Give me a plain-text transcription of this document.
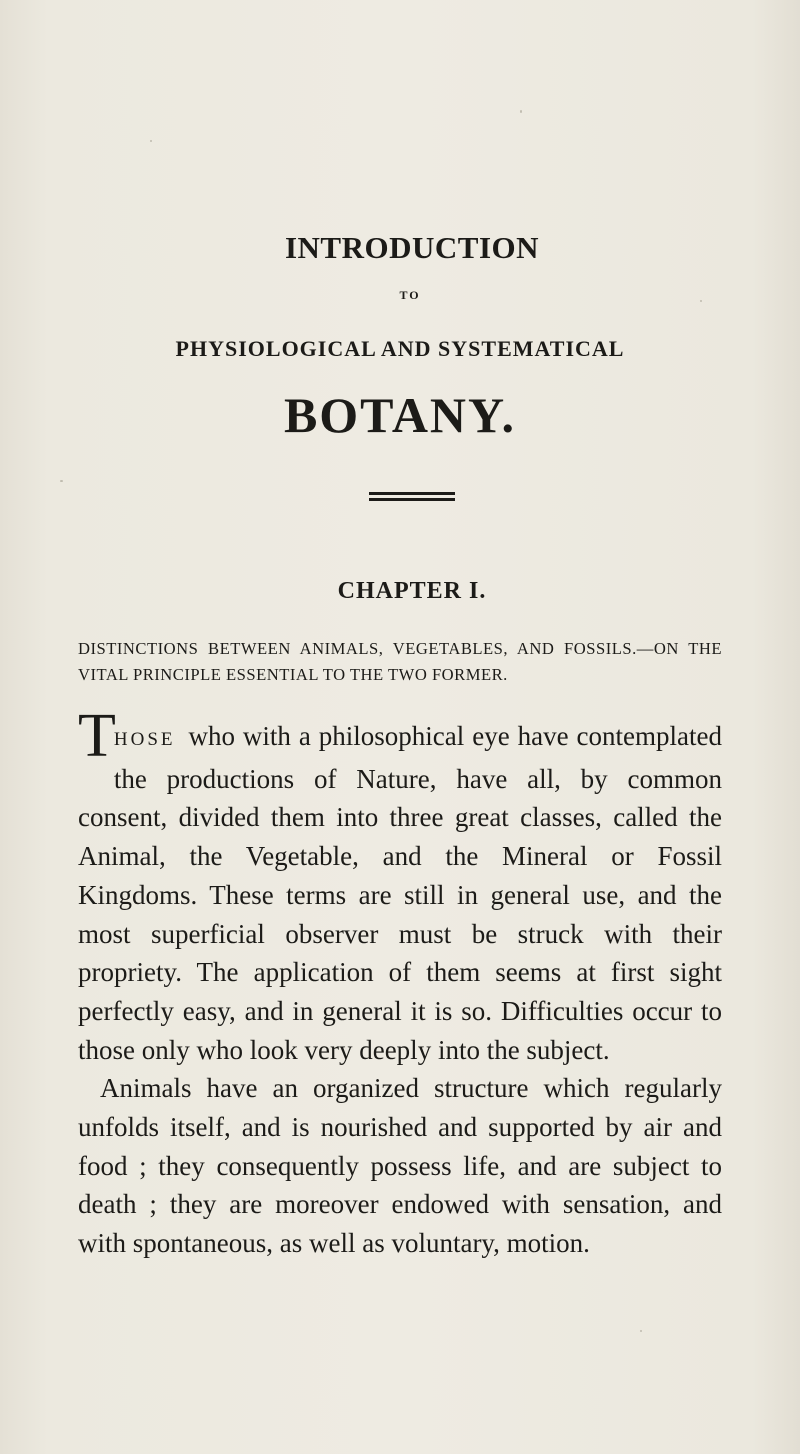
INTRODUCTION
TO
PHYSIOLOGICAL AND SYSTEMATICAL
BOTANY.
CHAPTER I.
DISTINCTIONS BETWEEN ANIMALS, VEGETABLES, AND FOSSILS.—ON THE VITAL PRINCIPLE ESSENTIAL TO THE TWO FORMER.

T
HOSE who with a philosophical eye have contemplated the productions of Nature, have all, by common consent, divided them into three great classes, called the Animal, the Vegetable, and the Mineral or Fossil Kingdoms. These terms are still in general use, and the most superficial observer must be struck with their propriety. The application of them seems at first sight perfectly easy, and in general it is so. Difficulties occur to those only who look very deeply into the subject.

Animals have an organized structure which regularly unfolds itself, and is nourished and supported by air and food ; they consequently possess life, and are subject to death ; they are moreover endowed with sensation, and with spontaneous, as well as voluntary, motion.
